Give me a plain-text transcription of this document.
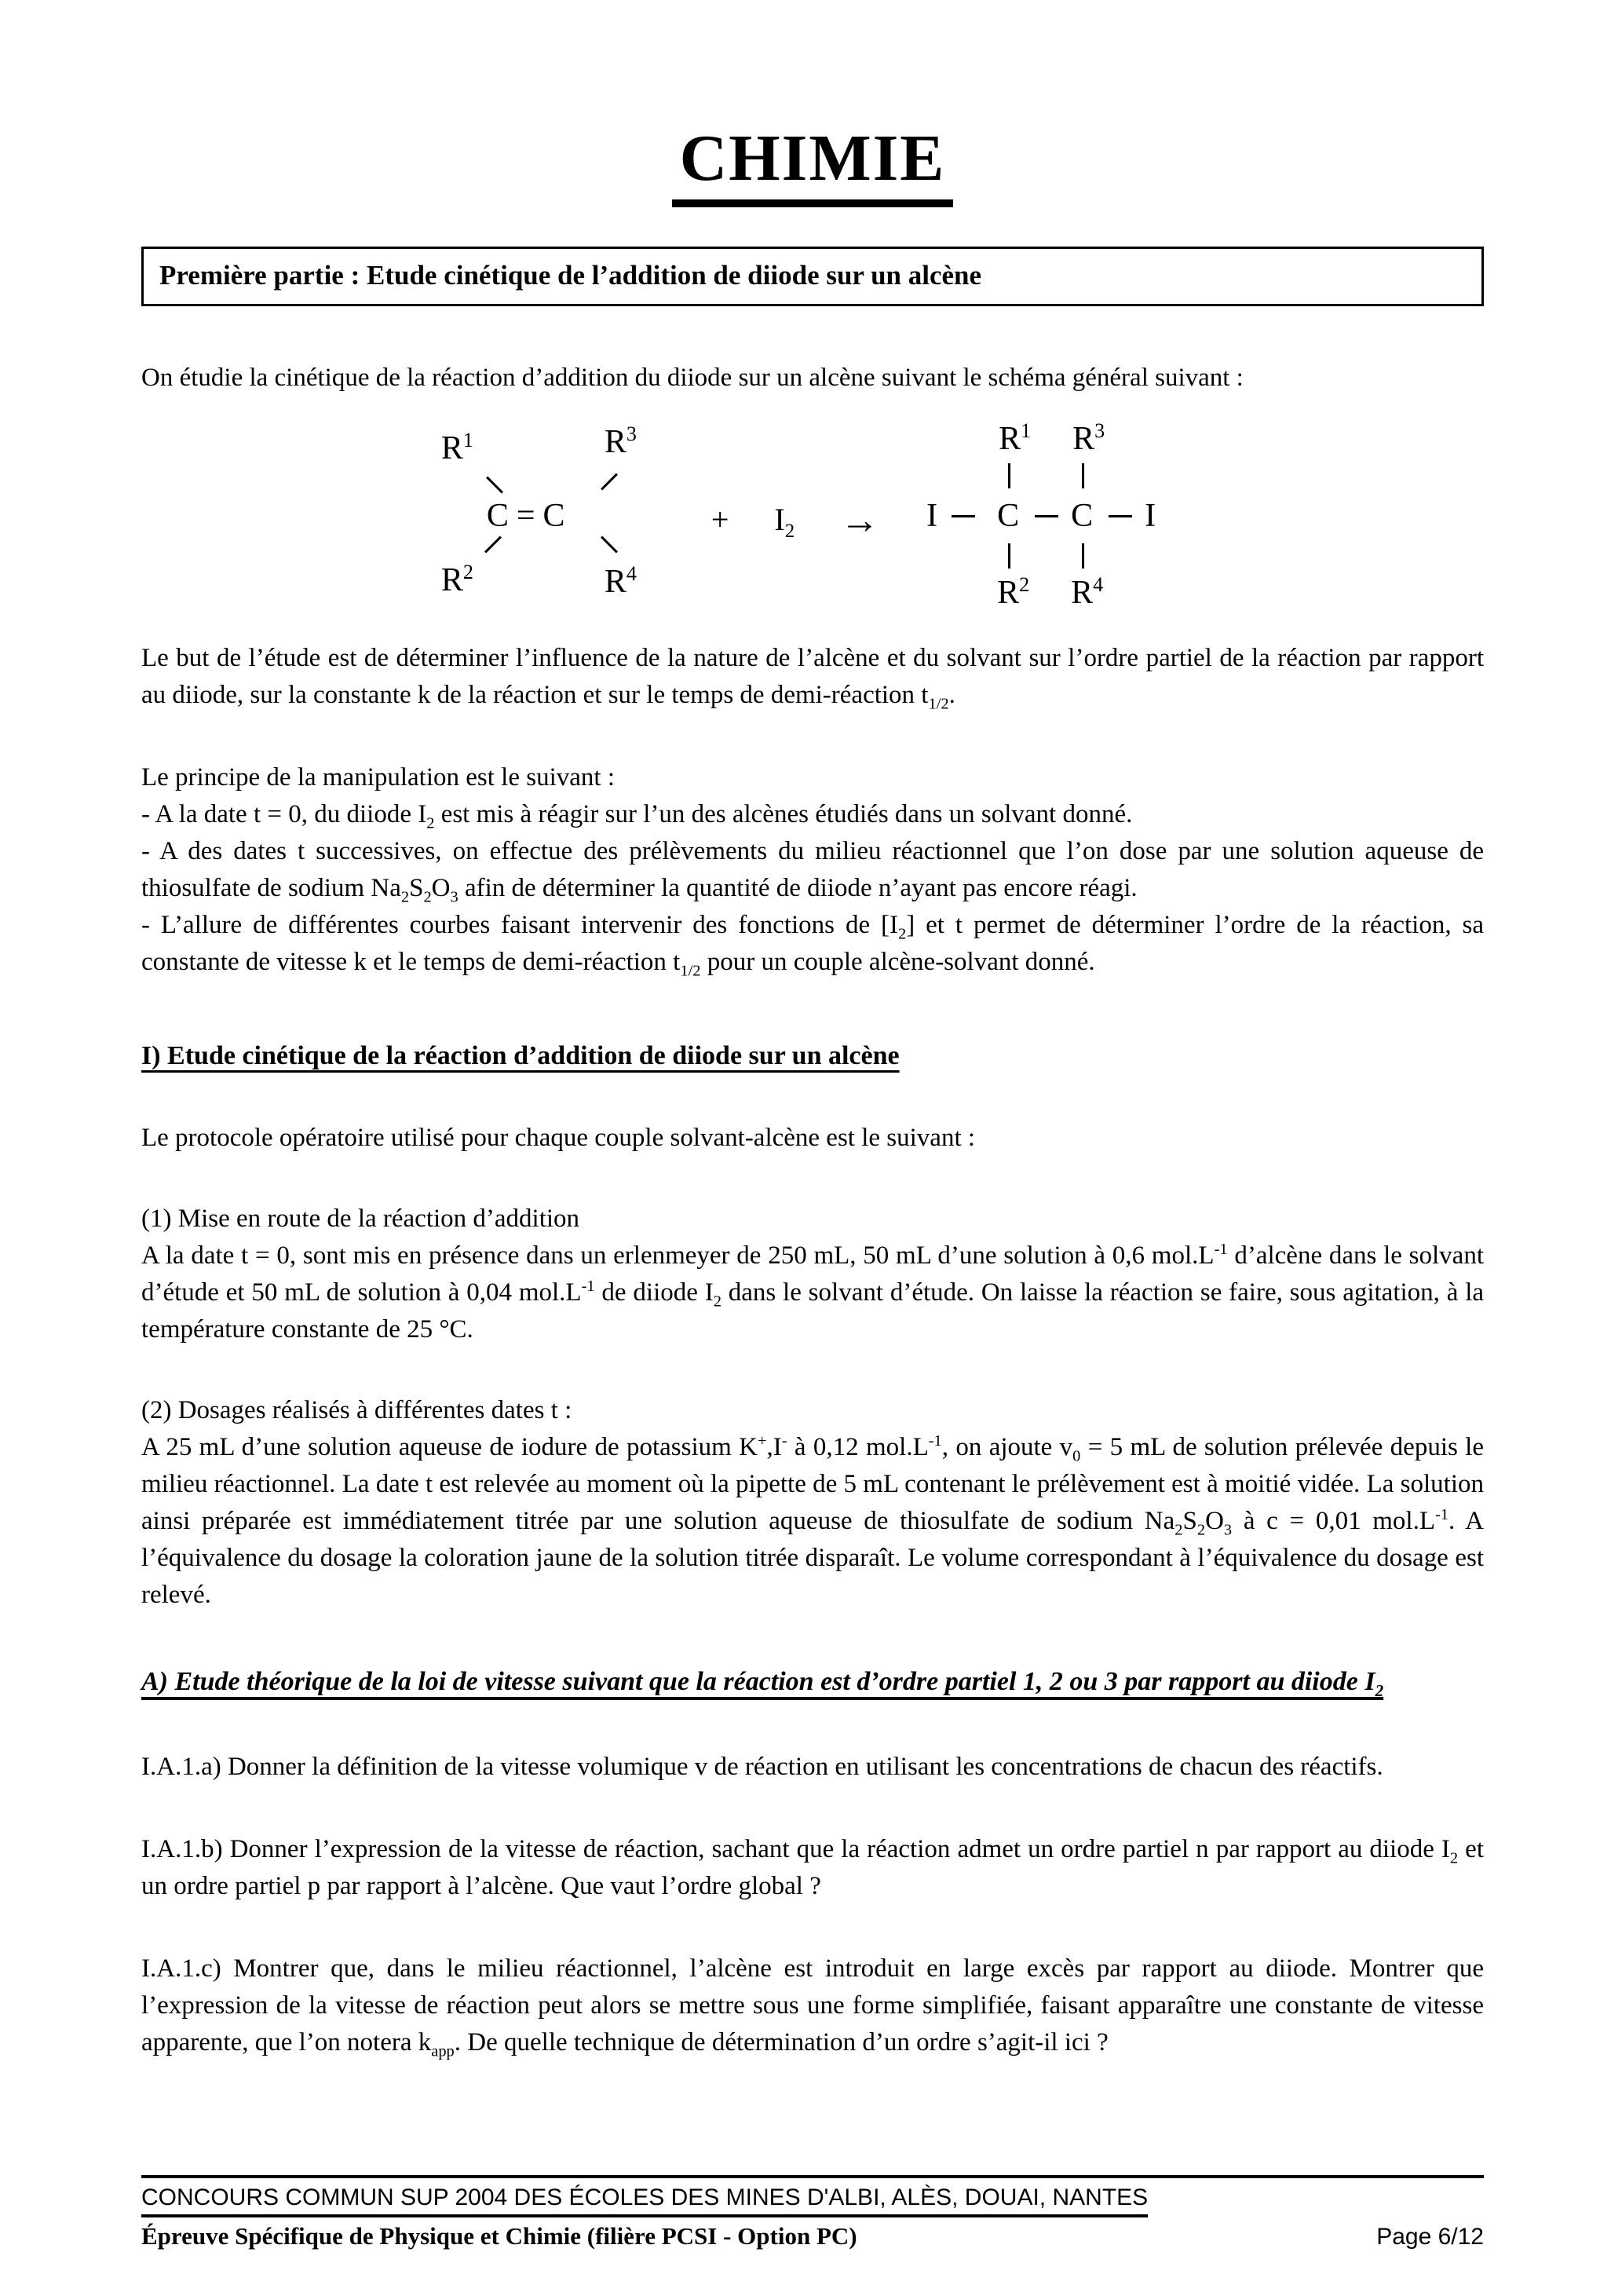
CHIMIE
Première partie : Etude cinétique de l’addition de diiode sur un alcène

On étudie la cinétique de la réaction d’addition du diiode sur un alcène suivant le schéma général suivant :

$R^1$	$R^3$
C = C
$R^2$	$R^4$
+ $I_2$ →
$R^1$ $R^3$
I C C I
$R^2$ $R^4$

Le but de l’étude est de déterminer l’influence de la nature de l’alcène et du solvant sur l’ordre partiel de la réaction par rapport au diiode, sur la constante k de la réaction et sur le temps de demi-réaction $t_{1/2}$.

Le principe de la manipulation est le suivant :

- A la date t = 0, du diiode $I_2$ est mis à réagir sur l’un des alcènes étudiés dans un solvant donné.

- A des dates t successives, on effectue des prélèvements du milieu réactionnel que l’on dose par une solution aqueuse de thiosulfate de sodium $Na_2S_2O_3$ afin de déterminer la quantité de diiode n’ayant pas encore réagi.

- L’allure de différentes courbes faisant intervenir des fonctions de $[I_2]$ et t permet de déterminer l’ordre de la réaction, sa constante de vitesse k et le temps de demi-réaction $t_{1/2}$ pour un couple alcène-solvant donné.

I) Etude cinétique de la réaction d’addition de diiode sur un alcène

Le protocole opératoire utilisé pour chaque couple solvant-alcène est le suivant :

(1) Mise en route de la réaction d’addition

A la date t = 0, sont mis en présence dans un erlenmeyer de 250 mL, 50 mL d’une solution à 0,6 $mol.L^{-1}$ d’alcène dans le solvant d’étude et 50 mL de solution à 0,04 $mol.L^{-1}$ de diiode $I_2$ dans le solvant d’étude. On laisse la réaction se faire, sous agitation, à la température constante de 25 °C.

(2) Dosages réalisés à différentes dates t :

A 25 mL d’une solution aqueuse de iodure de potassium K+,I- à 0,12 $mol.L^{-1}$, on ajoute $v_0 = 5$ mL de solution prélevée depuis le milieu réactionnel. La date t est relevée au moment où la pipette de 5 mL contenant le prélèvement est à moitié vidée. La solution ainsi préparée est immédiatement titrée par une solution aqueuse de thiosulfate de sodium $Na_2S_2O_3$ à c = 0,01 $mol.L^{-1}$. A l’équivalence du dosage la coloration jaune de la solution titrée disparaît. Le volume correspondant à l’équivalence du dosage est relevé.

A) Etude théorique de la loi de vitesse suivant que la réaction est d’ordre partiel 1, 2 ou 3 par rapport au diiode $I_2$

I.A.1.a) Donner la définition de la vitesse volumique v de réaction en utilisant les concentrations de chacun des réactifs.

I.A.1.b) Donner l’expression de la vitesse de réaction, sachant que la réaction admet un ordre partiel n par rapport au diiode $I_2$ et un ordre partiel p par rapport à l’alcène. Que vaut l’ordre global ?

I.A.1.c) Montrer que, dans le milieu réactionnel, l’alcène est introduit en large excès par rapport au diiode. Montrer que l’expression de la vitesse de réaction peut alors se mettre sous une forme simplifiée, faisant apparaître une constante de vitesse apparente, que l’on notera $k_{app}$. De quelle technique de détermination d’un ordre s’agit-il ici ?

CONCOURS COMMUN SUP 2004 DES ÉCOLES DES MINES D'ALBI, ALÈS, DOUAI, NANTES
Épreuve Spécifique de Physique et Chimie (filière PCSI - Option PC)	Page 6/12
